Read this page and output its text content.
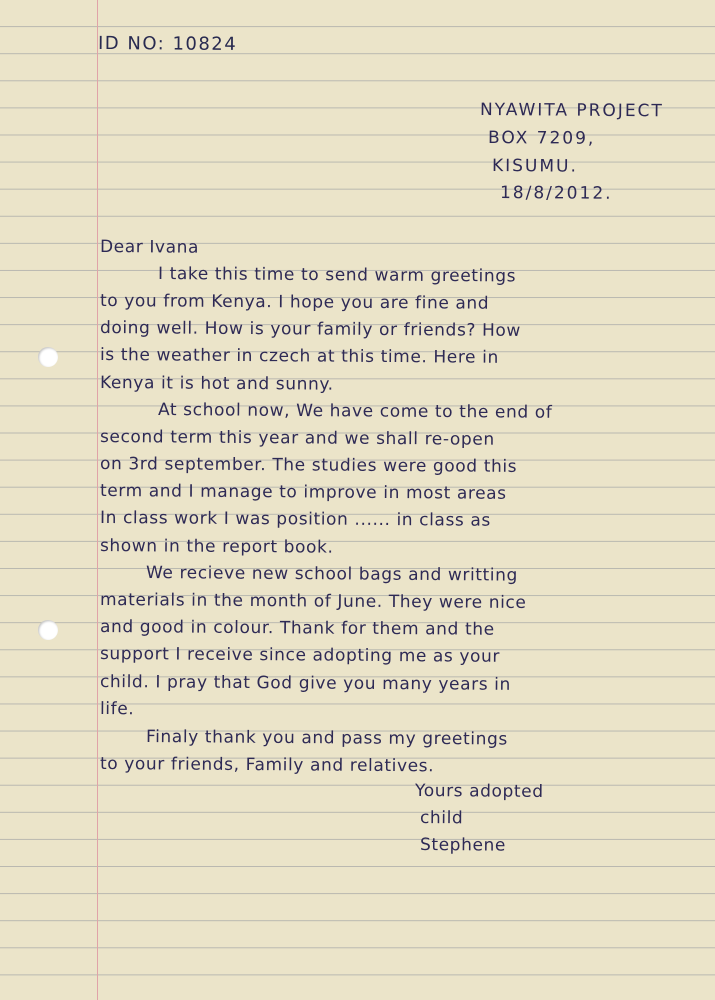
ID NO: 10824
NYAWITA PROJECT
BOX 7209,
KISUMU.
18/8/2012.
Dear Ivana
I take this time to send warm greetings
to you from Kenya. I hope you are fine and
doing well. How is your family or friends? How
is the weather in czech at this time. Here in
Kenya it is hot and sunny.
At school now, We have come to the end of
second term this year and we shall re-open
on 3rd september. The studies were good this
term and I manage to improve in most areas
In class work I was position ...... in class as
shown in the report book.
We recieve new school bags and writting
materials in the month of June. They were nice
and good in colour. Thank for them and the
support I receive since adopting me as your
child. I pray that God give you many years in
life.
Finaly thank you and pass my greetings
to your friends, Family and relatives.
Yours adopted
child
Stephene
